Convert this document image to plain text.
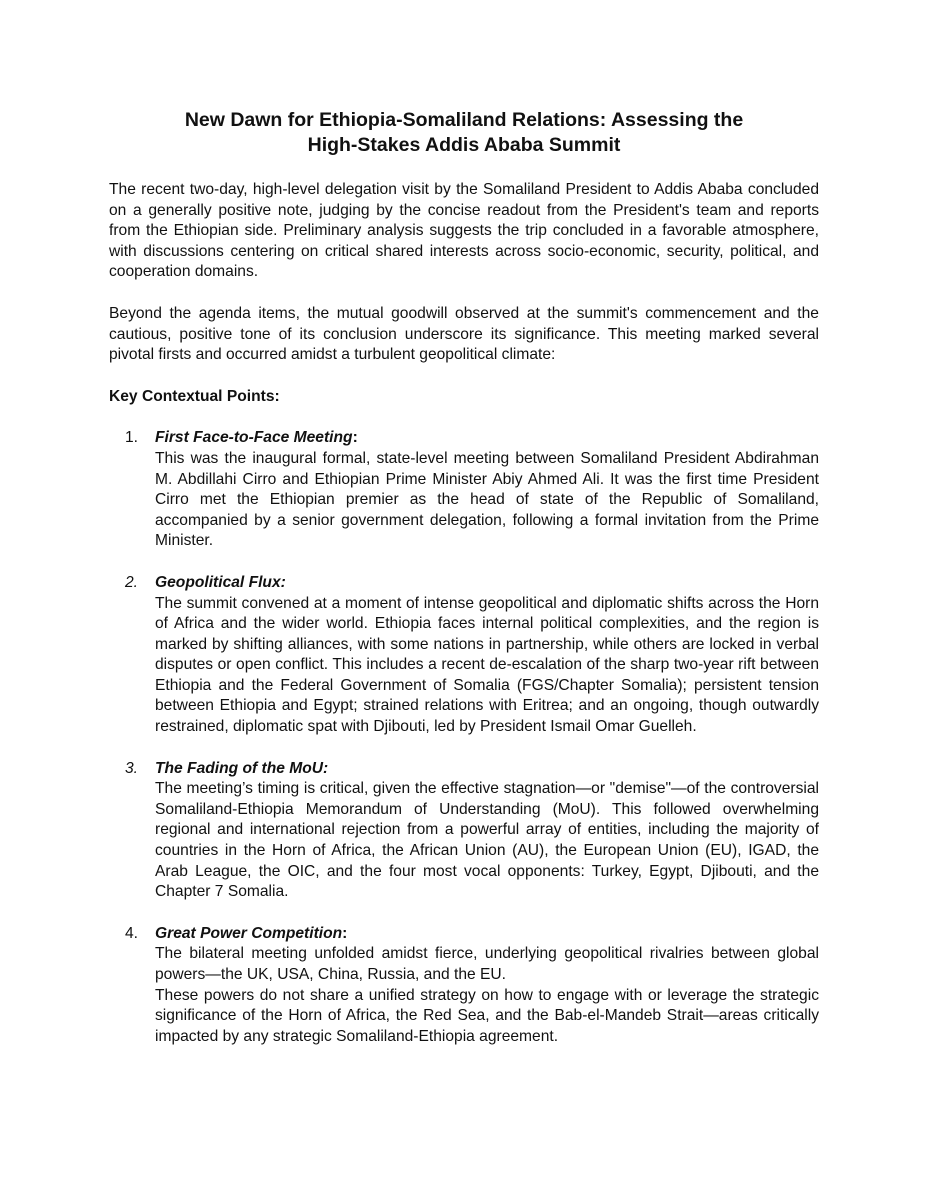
New Dawn for Ethiopia-Somaliland Relations: Assessing the
High-Stakes Addis Ababa Summit

The recent two-day, high-level delegation visit by the Somaliland President to Addis Ababa concluded on a generally positive note, judging by the concise readout from the President's team and reports from the Ethiopian side. Preliminary analysis suggests the trip concluded in a favorable atmosphere, with discussions centering on critical shared interests across socio-economic, security, political, and cooperation domains.

Beyond the agenda items, the mutual goodwill observed at the summit's commencement and the cautious, positive tone of its conclusion underscore its significance. This meeting marked several pivotal firsts and occurred amidst a turbulent geopolitical climate:

Key Contextual Points:
1. First Face-to-Face Meeting:

This was the inaugural formal, state-level meeting between Somaliland President Abdirahman M. Abdillahi Cirro and Ethiopian Prime Minister Abiy Ahmed Ali. It was the first time President Cirro met the Ethiopian premier as the head of state of the Republic of Somaliland, accompanied by a senior government delegation, following a formal invitation from the Prime Minister.

2. Geopolitical Flux:

The summit convened at a moment of intense geopolitical and diplomatic shifts across the Horn of Africa and the wider world. Ethiopia faces internal political complexities, and the region is marked by shifting alliances, with some nations in partnership, while others are locked in verbal disputes or open conflict. This includes a recent de-escalation of the sharp two-year rift between Ethiopia and the Federal Government of Somalia (FGS/Chapter Somalia); persistent tension between Ethiopia and Egypt; strained relations with Eritrea; and an ongoing, though outwardly restrained, diplomatic spat with Djibouti, led by President Ismail Omar Guelleh.

3. The Fading of the MoU:

The meeting’s timing is critical, given the effective stagnation—or "demise"—of the controversial Somaliland-Ethiopia Memorandum of Understanding (MoU). This followed overwhelming regional and international rejection from a powerful array of entities, including the majority of countries in the Horn of Africa, the African Union (AU), the European Union (EU), IGAD, the Arab League, the OIC, and the four most vocal opponents: Turkey, Egypt, Djibouti, and the Chapter 7 Somalia.

4. Great Power Competition:

The bilateral meeting unfolded amidst fierce, underlying geopolitical rivalries between global powers—the UK, USA, China, Russia, and the EU.

These powers do not share a unified strategy on how to engage with or leverage the strategic significance of the Horn of Africa, the Red Sea, and the Bab-el-Mandeb Strait—areas critically impacted by any strategic Somaliland-Ethiopia agreement.
